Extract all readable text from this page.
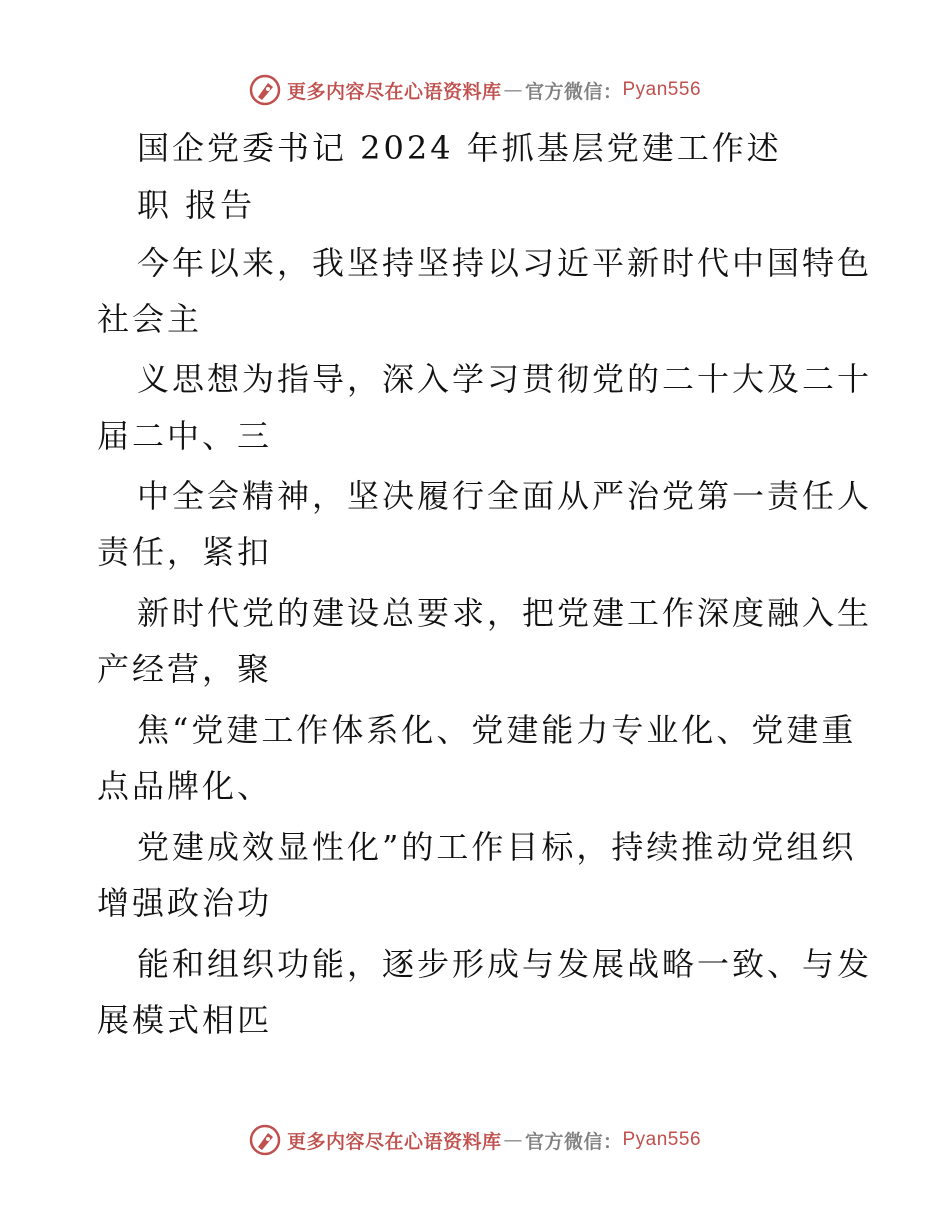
更多内容尽在心语资料库 — 官方微信： Pyan556
国企党委书记 2024 年抓基层党建工作述
职 报告
今年以来，我坚持坚持以习近平新时代中国特色
社会主
义思想为指导，深入学习贯彻党的二十大及二十
届二中、三
中全会精神，坚决履行全面从严治党第一责任人
责任，紧扣
新时代党的建设总要求，把党建工作深度融入生
产经营，聚
焦“党建工作体系化、党建能力专业化、党建重
点品牌化、
党建成效显性化”的工作目标，持续推动党组织
增强政治功
能和组织功能，逐步形成与发展战略一致、与发
展模式相匹
更多内容尽在心语资料库 — 官方微信： Pyan556
